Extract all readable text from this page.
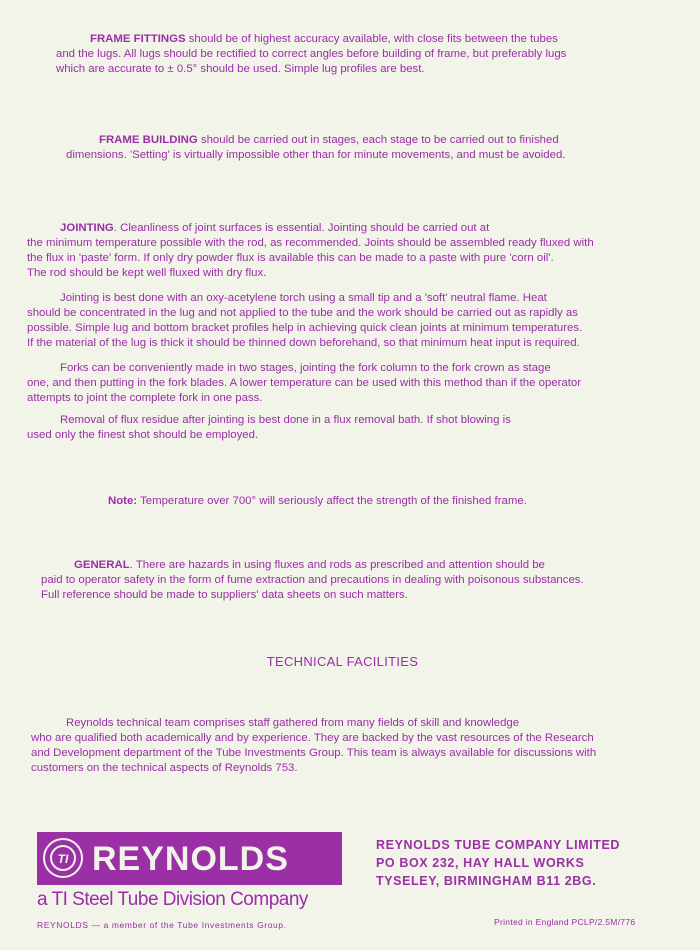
FRAME FITTINGS should be of highest accuracy available, with close fits between the tubes
and the lugs. All lugs should be rectified to correct angles before building of frame, but preferably lugs
which are accurate to ± 0.5° should be used. Simple lug profiles are best.
FRAME BUILDING should be carried out in stages, each stage to be carried out to finished
dimensions. 'Setting' is virtually impossible other than for minute movements, and must be avoided.
JOINTING. Cleanliness of joint surfaces is essential. Jointing should be carried out at
the minimum temperature possible with the rod, as recommended. Joints should be assembled ready fluxed with
the flux in 'paste' form. If only dry powder flux is available this can be made to a paste with pure 'corn oil'.
The rod should be kept well fluxed with dry flux.
Jointing is best done with an oxy-acetylene torch using a small tip and a 'soft' neutral flame. Heat
should be concentrated in the lug and not applied to the tube and the work should be carried out as rapidly as
possible. Simple lug and bottom bracket profiles help in achieving quick clean joints at minimum temperatures.
If the material of the lug is thick it should be thinned down beforehand, so that minimum heat input is required.
Forks can be conveniently made in two stages, jointing the fork column to the fork crown as stage
one, and then putting in the fork blades. A lower temperature can be used with this method than if the operator
attempts to joint the complete fork in one pass.
Removal of flux residue after jointing is best done in a flux removal bath. If shot blowing is
used only the finest shot should be employed.
Note: Temperature over 700° will seriously affect the strength of the finished frame.
GENERAL. There are hazards in using fluxes and rods as prescribed and attention should be
paid to operator safety in the form of fume extraction and precautions in dealing with poisonous substances.
Full reference should be made to suppliers' data sheets on such matters.
TECHNICAL FACILITIES
Reynolds technical team comprises staff gathered from many fields of skill and knowledge
who are qualified both academically and by experience. They are backed by the vast resources of the Research
and Development department of the Tube Investments Group. This team is always available for discussions with
customers on the technical aspects of Reynolds 753.
TI REYNOLDS
a TI Steel Tube Division Company
REYNOLDS — a member of the Tube Investments Group.
REYNOLDS TUBE COMPANY LIMITED
PO BOX 232, HAY HALL WORKS
TYSELEY, BIRMINGHAM B11 2BG.
Printed in England PCLP/2.5M/776
